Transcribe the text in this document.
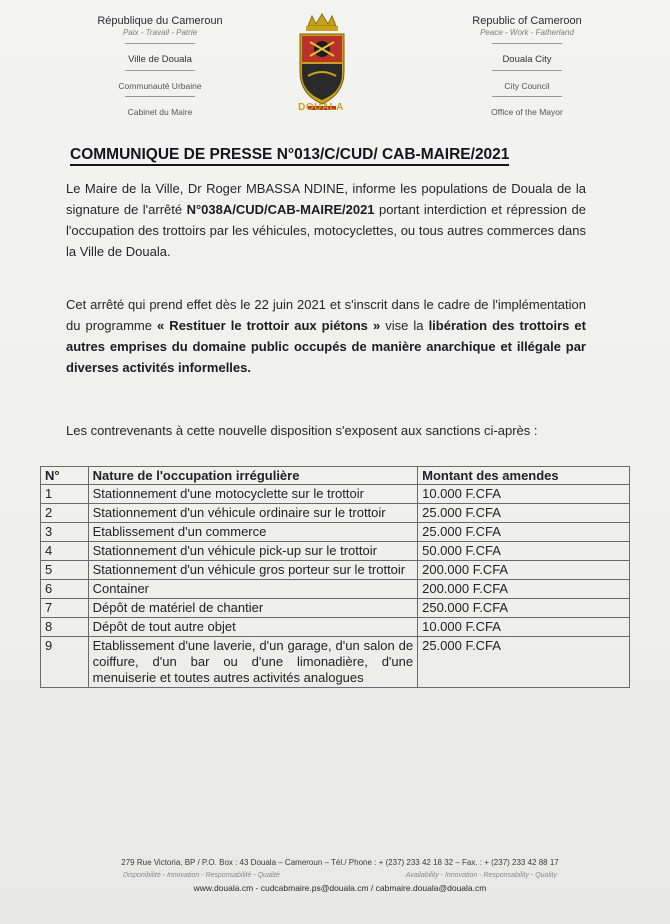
République du Cameroun
Paix - Travail - Patrie
Ville de Douala
Communauté Urbaine
Cabinet du Maire	DOUALA
Republic of Cameroon
Peace - Work - Fatherland
Douala City
City Council
Office of the Mayor
COMMUNIQUE DE PRESSE N°013/C/CUD/ CAB-MAIRE/2021
Le Maire de la Ville, Dr Roger MBASSA NDINE, informe les populations de Douala de la signature de l'arrêté N°038A/CUD/CAB-MAIRE/2021 portant interdiction et répression de l'occupation des trottoirs par les véhicules, motocyclettes, ou tous autres commerces dans la Ville de Douala.
Cet arrêté qui prend effet dès le 22 juin 2021 et s'inscrit dans le cadre de l'implémentation du programme « Restituer le trottoir aux piétons » vise la libération des trottoirs et autres emprises du domaine public occupés de manière anarchique et illégale par diverses activités informelles.
Les contrevenants à cette nouvelle disposition s'exposent aux sanctions ci-après :
N°	Nature de l'occupation irrégulière	Montant des amendes
1	Stationnement d'une motocyclette sur le trottoir	10.000 F.CFA
2	Stationnement d'un véhicule ordinaire sur le trottoir	25.000 F.CFA
3	Etablissement d'un commerce	25.000 F.CFA
4	Stationnement d'un véhicule pick-up sur le trottoir	50.000 F.CFA
5	Stationnement d'un véhicule gros porteur sur le trottoir	200.000 F.CFA
6	Container	200.000 F.CFA
7	Dépôt de matériel de chantier	250.000 F.CFA
8	Dépôt de tout autre objet	10.000 F.CFA
9	Etablissement d'une laverie, d'un garage, d'un salon de coiffure, d'un bar ou d'une limonadière, d'une menuiserie et toutes autres activités analogues	25.000 F.CFA
279 Rue Victoria, BP / P.O. Box : 43 Douala – Cameroun – Tél./ Phone : + (237) 233 42 18 32 – Fax. : + (237) 233 42 88 17
Disponibilité - Innovation - Responsabilité - Qualité	Availability - Innovation - Responsability - Quality
www.douala.cm - cudcabmaire.ps@douala.cm / cabmaire.douala@douala.cm
